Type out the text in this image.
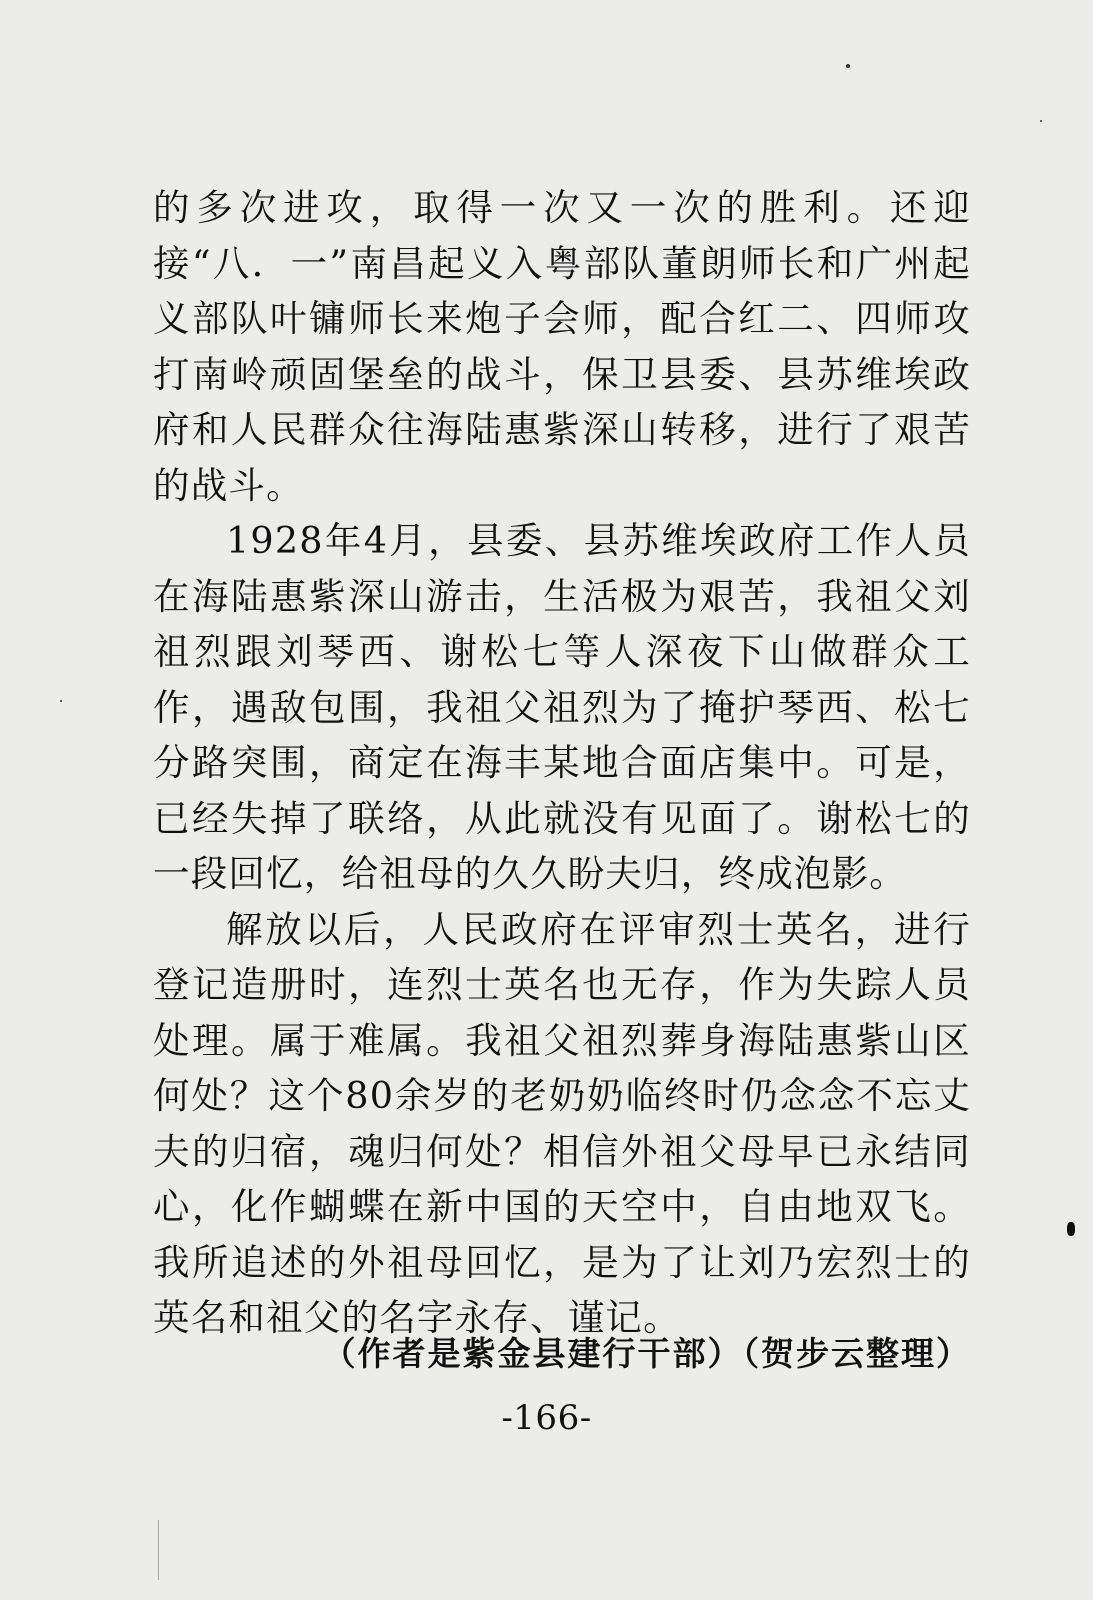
的多次进攻，取得一次又一次的胜利。还迎接“八．一”南昌起义入粤部队董朗师长和广州起义部队叶镛师长来炮子会师，配合红二、四师攻打南岭顽固堡垒的战斗，保卫县委、县苏维埃政府和人民群众往海陆惠紫深山转移，进行了艰苦的战斗。

1928年4月，县委、县苏维埃政府工作人员在海陆惠紫深山游击，生活极为艰苦，我祖父刘祖烈跟刘琴西、谢松七等人深夜下山做群众工作，遇敌包围，我祖父祖烈为了掩护琴西、松七分路突围，商定在海丰某地合面店集中。可是，已经失掉了联络，从此就没有见面了。谢松七的一段回忆，给祖母的久久盼夫归，终成泡影。

解放以后，人民政府在评审烈士英名，进行登记造册时，连烈士英名也无存，作为失踪人员处理。属于难属。我祖父祖烈葬身海陆惠紫山区何处？这个80余岁的老奶奶临终时仍念念不忘丈夫的归宿，魂归何处？相信外祖父母早已永结同心，化作蝴蝶在新中国的天空中，自由地双飞。我所追述的外祖母回忆，是为了让刘乃宏烈士的英名和祖父的名字永存、谨记。

（作者是紫金县建行干部）（贺步云整理）
-166-
